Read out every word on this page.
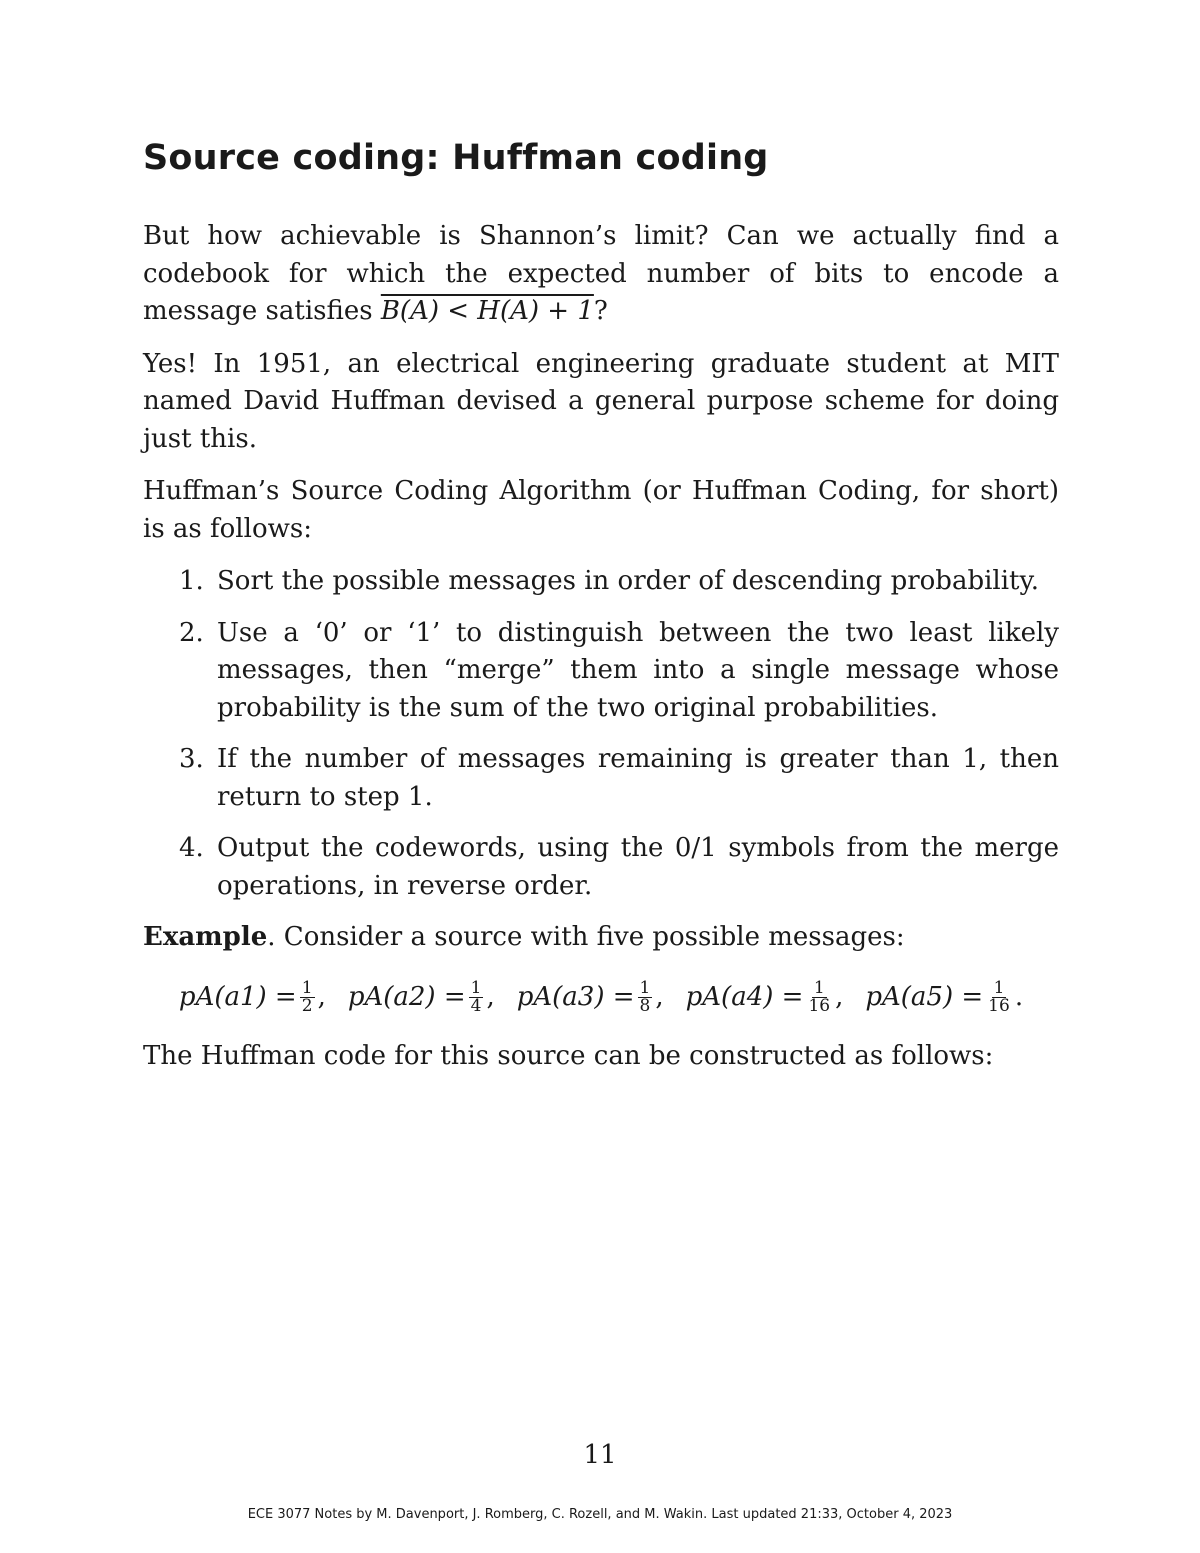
Source coding: Huffman coding

But how achievable is Shannon’s limit? Can we actually find a codebook for which the expected number of bits to encode a message satisfies B(A) < H(A) + 1?

Yes! In 1951, an electrical engineering graduate student at MIT named David Huffman devised a general purpose scheme for doing just this.

Huffman’s Source Coding Algorithm (or Huffman Coding, for short) is as follows:

1. Sort the possible messages in order of descending probability.
2. Use a ‘0’ or ‘1’ to distinguish between the two least likely messages, then “merge” them into a single message whose probability is the sum of the two original probabilities.
3. If the number of messages remaining is greater than 1, then return to step 1.
4. Output the codewords, using the 0/1 symbols from the merge operations, in reverse order.

Example. Consider a source with five possible messages:

$pA(a1) = \frac{1}{2}$ , $pA(a2) = \frac{1}{4}$ , $pA(a3) = \frac{1}{8}$ , $pA(a4) = \frac{1}{16}$ , $pA(a5) = \frac{1}{16}$ .

The Huffman code for this source can be constructed as follows:

11
ECE 3077 Notes by M. Davenport, J. Romberg, C. Rozell, and M. Wakin. Last updated 21:33, October 4, 2023
